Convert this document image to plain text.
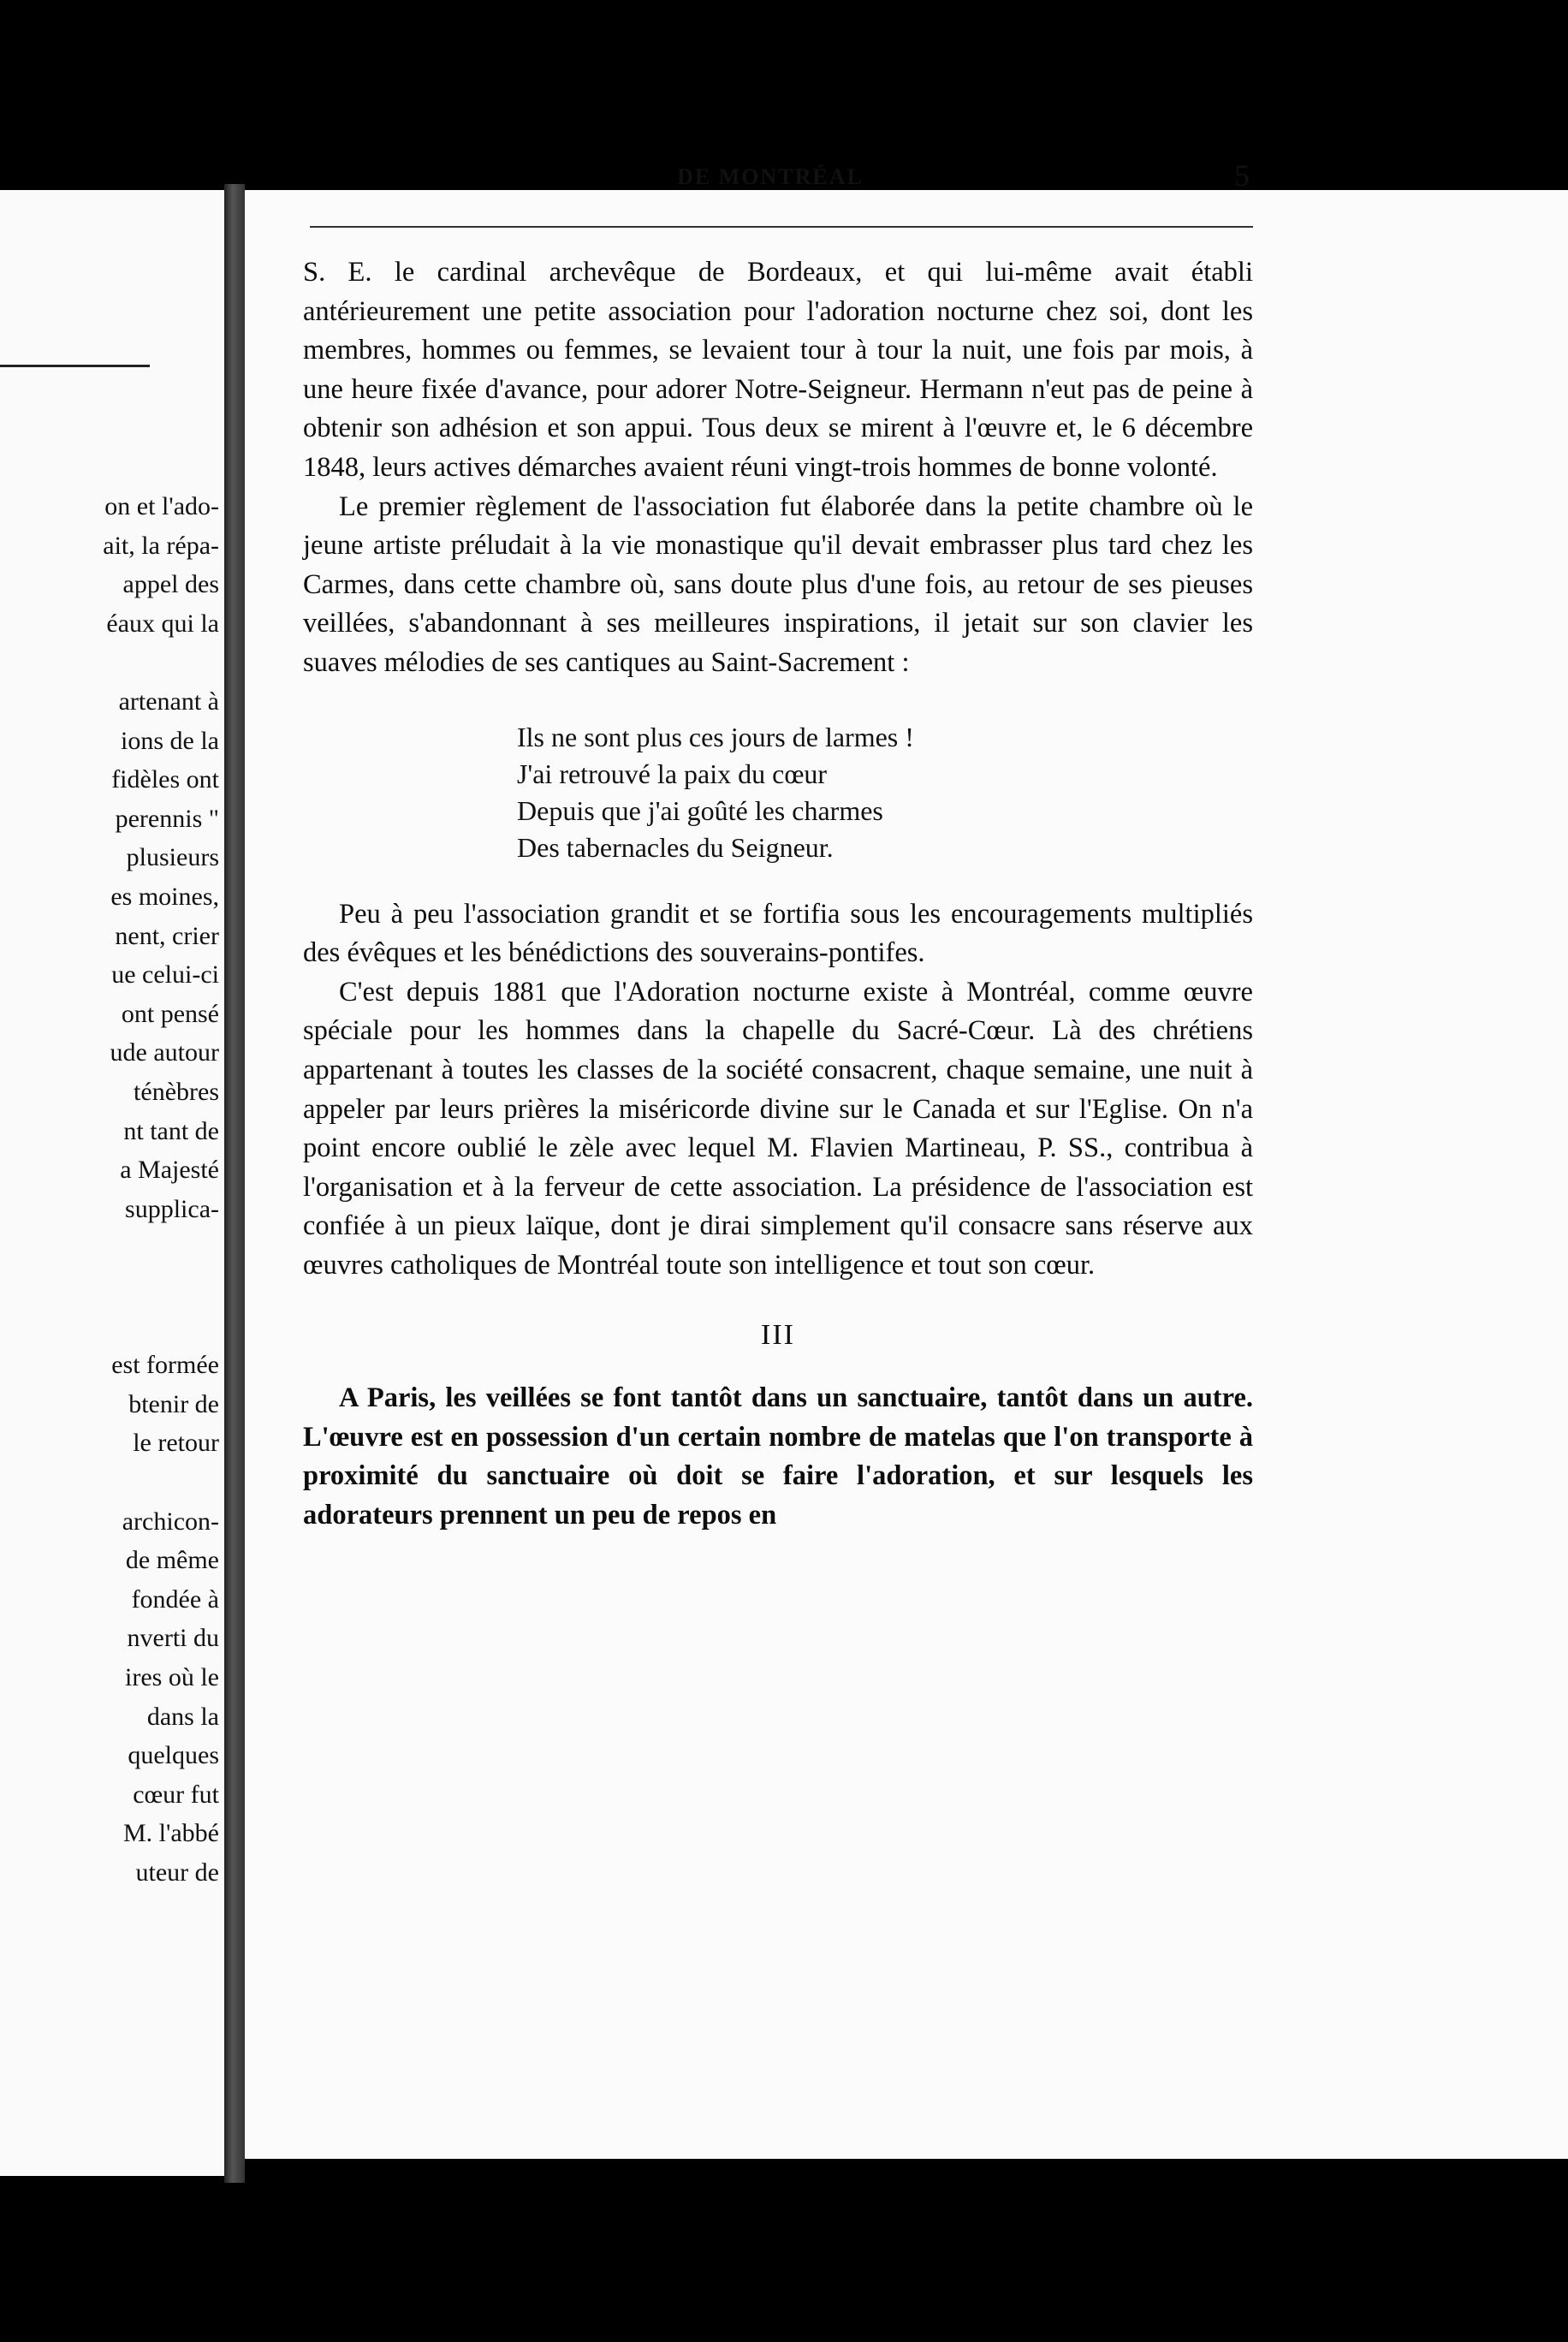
on et l'ado-
ait, la répa-
appel des
éaux qui la
artenant à
ions de la
fidèles ont
perennis "
plusieurs
es moines,
nent, crier
ue celui-ci
ont pensé
ude autour
ténèbres
nt tant de
a Majesté
supplica-
est formée
btenir de
le retour
archicon-
de même
fondée à
nverti du
ires où le
dans la
quelques
cœur fut
M. l'abbé
uteur de
DE MONTRÉAL	5

S. E. le cardinal archevêque de Bordeaux, et qui lui-même avait établi antérieurement une petite association pour l'adoration nocturne chez soi, dont les membres, hommes ou femmes, se levaient tour à tour la nuit, une fois par mois, à une heure fixée d'avance, pour adorer Notre-Seigneur. Hermann n'eut pas de peine à obtenir son adhésion et son appui. Tous deux se mirent à l'œuvre et, le 6 décembre 1848, leurs actives démarches avaient réuni vingt-trois hommes de bonne volonté.

Le premier règlement de l'association fut élaborée dans la petite chambre où le jeune artiste préludait à la vie monastique qu'il devait embrasser plus tard chez les Carmes, dans cette chambre où, sans doute plus d'une fois, au retour de ses pieuses veillées, s'abandonnant à ses meilleures inspirations, il jetait sur son clavier les suaves mélodies de ses cantiques au Saint-Sacrement :

Ils ne sont plus ces jours de larmes !
J'ai retrouvé la paix du cœur
Depuis que j'ai goûté les charmes
Des tabernacles du Seigneur.

Peu à peu l'association grandit et se fortifia sous les encouragements multipliés des évêques et les bénédictions des souverains-pontifes.

C'est depuis 1881 que l'Adoration nocturne existe à Montréal, comme œuvre spéciale pour les hommes dans la chapelle du Sacré-Cœur. Là des chrétiens appartenant à toutes les classes de la société consacrent, chaque semaine, une nuit à appeler par leurs prières la miséricorde divine sur le Canada et sur l'Eglise. On n'a point encore oublié le zèle avec lequel M. Flavien Martineau, P. SS., contribua à l'organisation et à la ferveur de cette association. La présidence de l'association est confiée à un pieux laïque, dont je dirai simplement qu'il consacre sans réserve aux œuvres catholiques de Montréal toute son intelligence et tout son cœur.

III

A Paris, les veillées se font tantôt dans un sanctuaire, tantôt dans un autre. L'œuvre est en possession d'un certain nombre de matelas que l'on transporte à proximité du sanctuaire où doit se faire l'adoration, et sur lesquels les adorateurs prennent un peu de repos en
